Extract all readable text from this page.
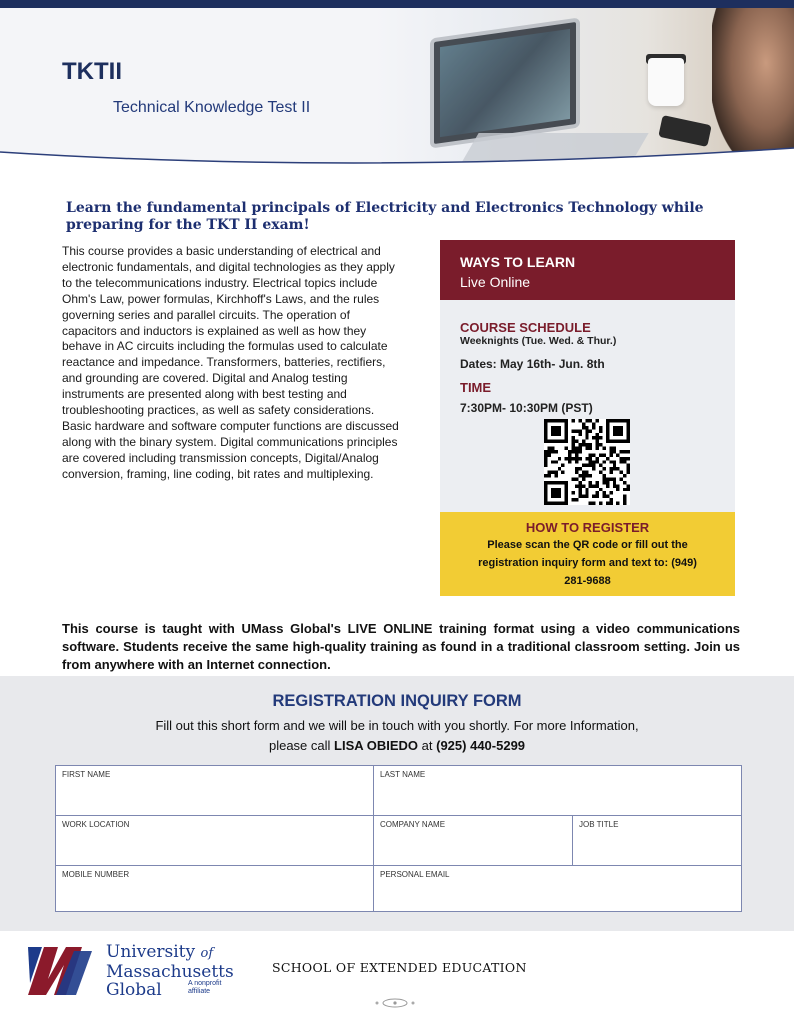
TKTII
Technical Knowledge Test II
Learn the fundamental principals of Electricity and Electronics Technology while preparing for the TKT II exam!
This course provides a basic understanding of electrical and electronic fundamentals, and digital technologies as they apply to the telecommunications industry. Electrical topics include Ohm's Law, power formulas, Kirchhoff's Laws, and the rules governing series and parallel circuits. The operation of capacitors and inductors is explained as well as how they behave in AC circuits including the formulas used to calculate reactance and impedance. Transformers, batteries, rectifiers, and grounding are covered. Digital and Analog testing instruments are presented along with best testing and troubleshooting practices, as well as safety considerations. Basic hardware and software computer functions are discussed along with the binary system. Digital communications principles are covered including transmission concepts, Digital/Analog conversion, framing, line coding, bit rates and multiplexing.
WAYS TO LEARN
Live Online
COURSE SCHEDULE
Weeknights (Tue. Wed. & Thur.)
Dates: May 16th- Jun. 8th
TIME
7:30PM- 10:30PM (PST)
HOW TO REGISTER
Please scan the QR code or fill out the registration inquiry form and text to: (949) 281-9688
This course is taught with UMass Global's LIVE ONLINE training format using a video communications software. Students receive the same high-quality training as found in a traditional classroom setting. Join us from anywhere with an Internet connection.
REGISTRATION INQUIRY FORM
Fill out this short form and we will be in touch with you shortly. For more Information,
please call LISA OBIEDO at (925) 440-5299
FIRST NAME	LAST NAME
WORK LOCATION	COMPANY NAME	JOB TITLE
MOBILE NUMBER	PERSONAL EMAIL
University of
Massachusetts
Global	A nonprofit
affiliate
SCHOOL OF EXTENDED EDUCATION
